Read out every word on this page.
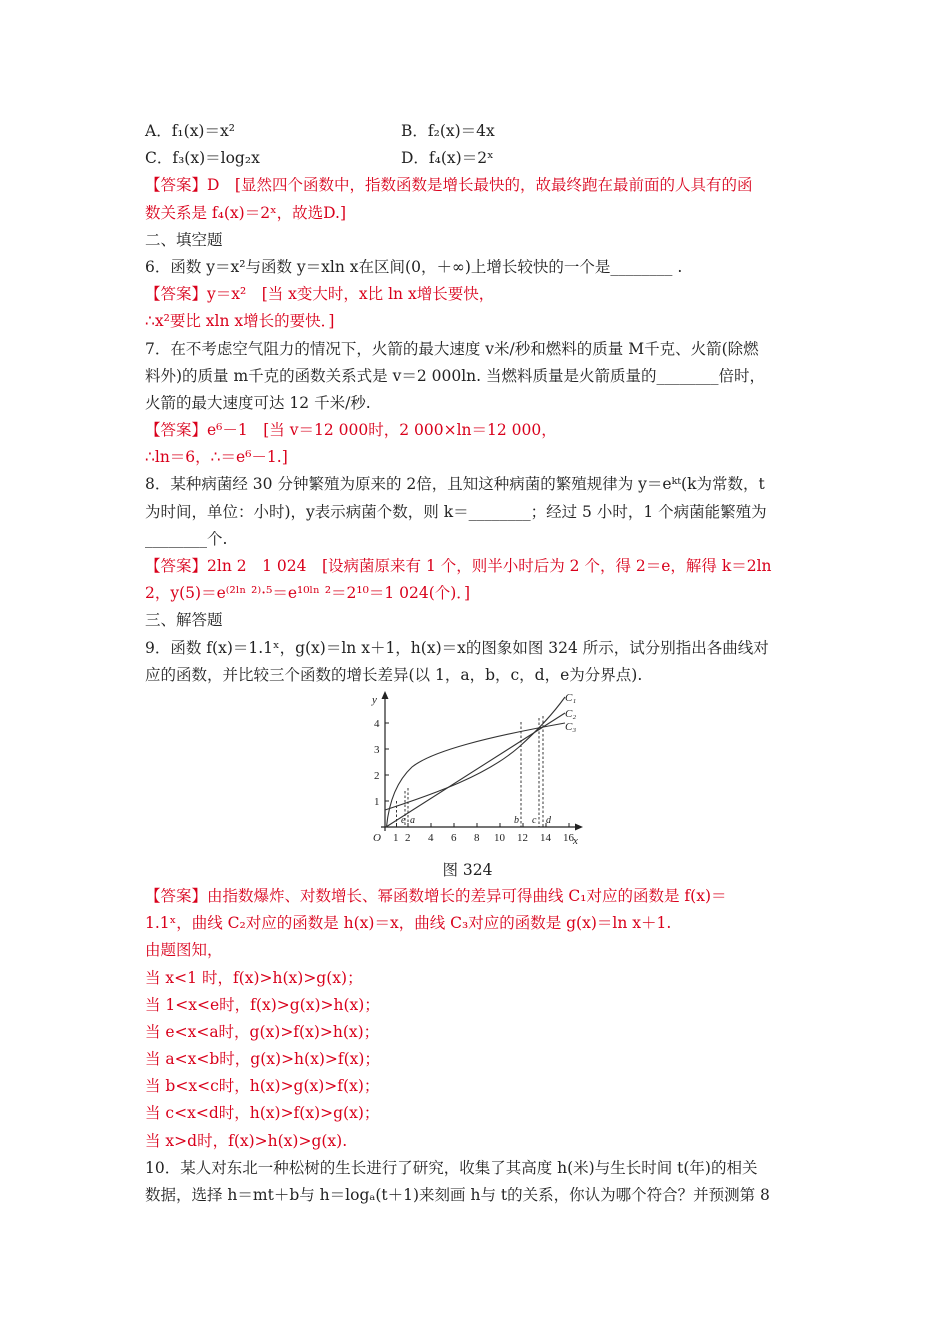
A．f₁(x)＝x²	B．f₂(x)＝4x
C．f₃(x)＝log₂x	D．f₄(x)＝2ˣ
【答案】D　[显然四个函数中，指数函数是增长最快的，故最终跑在最前面的人具有的函
数关系是 f₄(x)＝2ˣ，故选D.]
二、填空题
6．函数 y＝x²与函数 y＝xln x在区间(0，＋∞)上增长较快的一个是________ .
【答案】y＝x²　[当 x变大时，x比 ln x增长要快，
∴x²要比 xln x增长的要快．]
7．在不考虑空气阻力的情况下，火箭的最大速度 v米/秒和燃料的质量 M千克、火箭(除燃
料外)的质量 m千克的函数关系式是 v＝2 000ln. 当燃料质量是火箭质量的________倍时，
火箭的最大速度可达 12 千米/秒.
【答案】e⁶－1　[当 v＝12 000时，2 000×ln＝12 000，
∴ln＝6，∴＝e⁶－1.]
8．某种病菌经 30 分钟繁殖为原来的 2倍，且知这种病菌的繁殖规律为 y＝eᵏᵗ(k为常数，t
为时间，单位：小时)，y表示病菌个数，则 k＝________；经过 5 小时，1 个病菌能繁殖为
________个.
【答案】2ln 2　1 024　[设病菌原来有 1 个，则半小时后为 2 个，得 2＝e，解得 k＝2ln
2，y(5)＝e⁽²ˡⁿ ²⁾·⁵＝e¹⁰ˡⁿ ²＝2¹⁰＝1 024(个)．]
三、解答题
9．函数 f(x)＝1.1ˣ，g(x)＝ln x＋1，h(x)＝x的图象如图 324 所示，试分别指出各曲线对
应的函数，并比较三个函数的增长差异(以 1，a，b，c，d，e为分界点).
y
x
O
1
2
3
4
1 2 4 6 8 10 12 14 16
C₁
C₂
C₃
e a	b c d
图 324
【答案】由指数爆炸、对数增长、幂函数增长的差异可得曲线 C₁对应的函数是 f(x)＝
1.1ˣ，曲线 C₂对应的函数是 h(x)＝x，曲线 C₃对应的函数是 g(x)＝ln x＋1.
由题图知，
当 x<1 时，f(x)>h(x)>g(x)；
当 1<x<e时，f(x)>g(x)>h(x)；
当 e<x<a时，g(x)>f(x)>h(x)；
当 a<x<b时，g(x)>h(x)>f(x)；
当 b<x<c时，h(x)>g(x)>f(x)；
当 c<x<d时，h(x)>f(x)>g(x)；
当 x>d时，f(x)>h(x)>g(x).
10．某人对东北一种松树的生长进行了研究，收集了其高度 h(米)与生长时间 t(年)的相关
数据，选择 h＝mt＋b与 h＝logₐ(t＋1)来刻画 h与 t的关系，你认为哪个符合？并预测第 8
